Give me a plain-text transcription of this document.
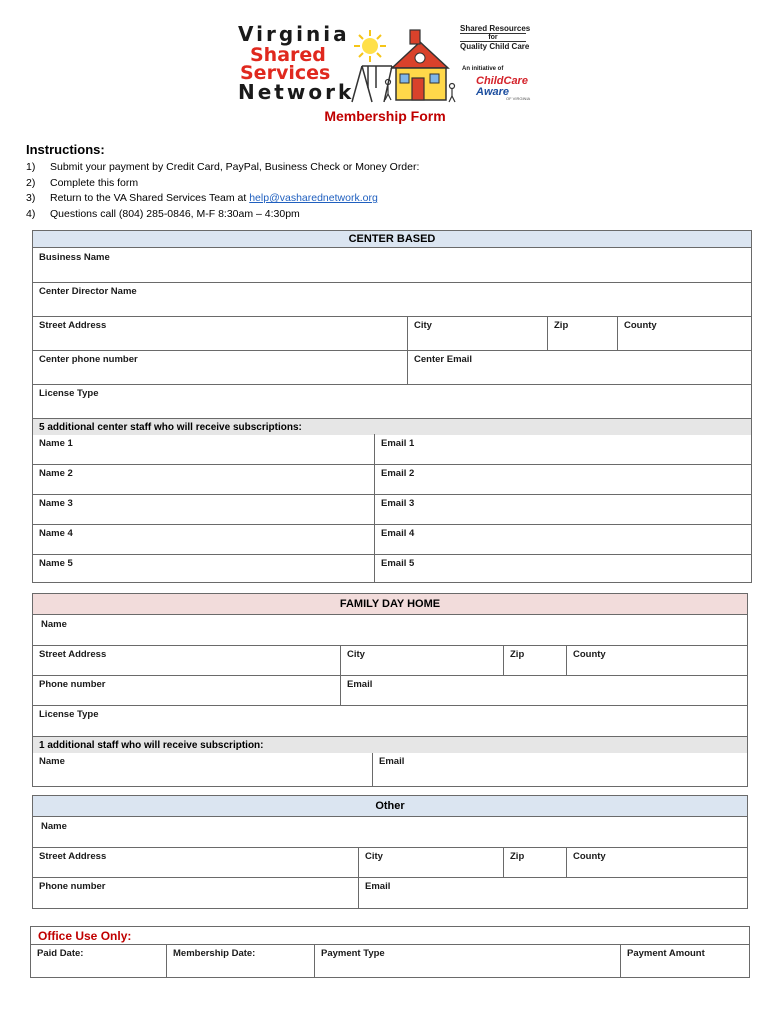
Virginia
Shared
Services
Network
Shared Resources
for
Quality Child Care
An initiative of
ChildCare
Aware
OF VIRGINIA
Membership Form
Instructions:
1) Submit your payment by Credit Card, PayPal, Business Check or Money Order:
2) Complete this form
3) Return to the VA Shared Services Team at help@vasharednetwork.org
4) Questions call (804) 285-0846, M-F 8:30am – 4:30pm
CENTER BASED
Business Name
Center Director Name
Street Address	City	Zip	County
Center phone number	Center Email
License Type
5 additional center staff who will receive subscriptions:
Name 1	Email 1
Name 2	Email 2
Name 3	Email 3
Name 4	Email 4
Name 5	Email 5
FAMILY DAY HOME
Name
Street Address	City	Zip	County
Phone number	Email
License Type
1 additional staff who will receive subscription:
Name	Email
Other
Name
Street Address	City	Zip	County
Phone number	Email
Office Use Only:
Paid Date:	Membership Date:	Payment Type	Payment Amount
